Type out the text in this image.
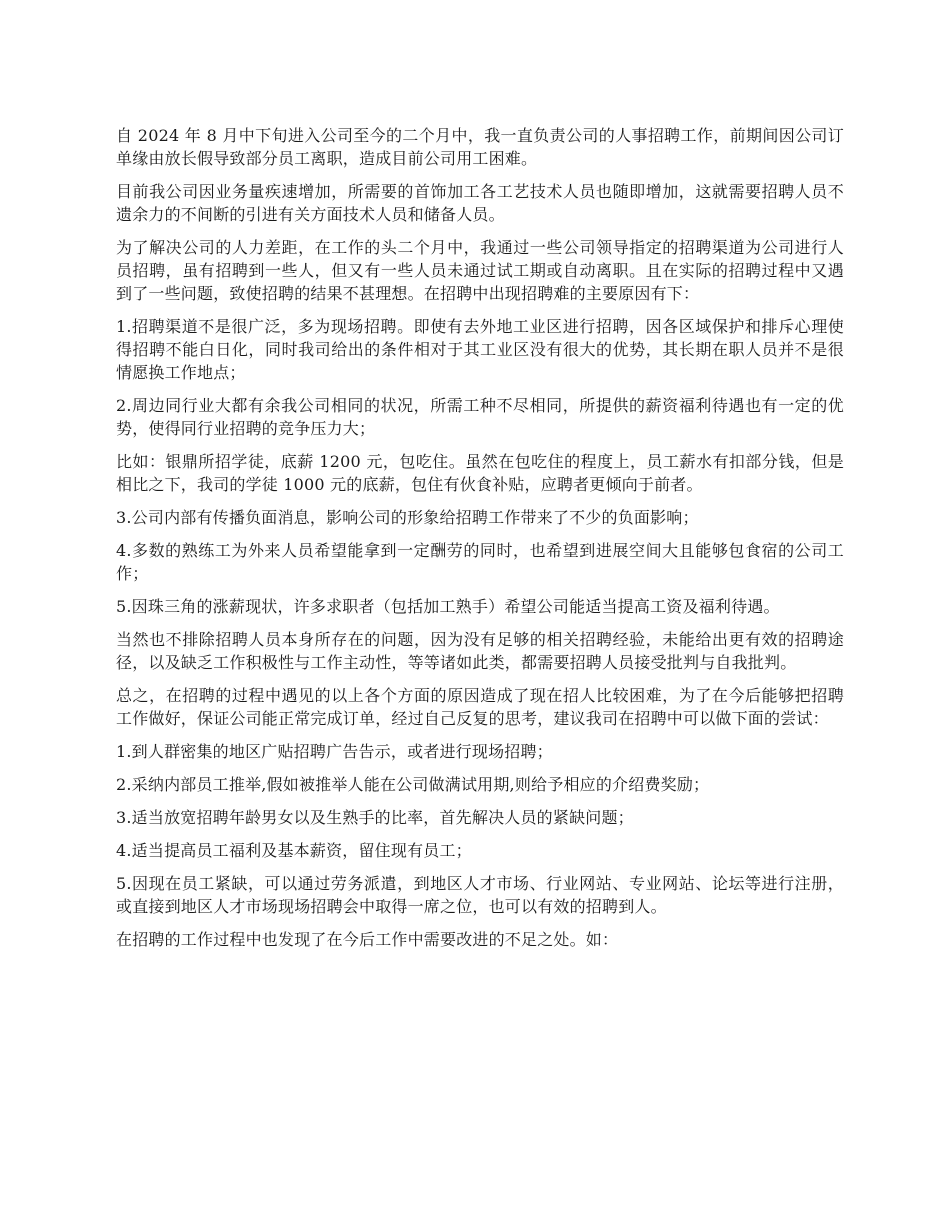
自 2024 年 8 月中下旬进入公司至今的二个月中，我一直负责公司的人事招聘工作，前期间因公司订单缘由放长假导致部分员工离职，造成目前公司用工困难。

目前我公司因业务量疾速增加，所需要的首饰加工各工艺技术人员也随即增加，这就需要招聘人员不遗余力的不间断的引进有关方面技术人员和储备人员。

为了解决公司的人力差距，在工作的头二个月中，我通过一些公司领导指定的招聘渠道为公司进行人员招聘，虽有招聘到一些人，但又有一些人员未通过试工期或自动离职。且在实际的招聘过程中又遇到了一些问题，致使招聘的结果不甚理想。在招聘中出现招聘难的主要原因有下：

1.招聘渠道不是很广泛，多为现场招聘。即使有去外地工业区进行招聘，因各区域保护和排斥心理使得招聘不能白日化，同时我司给出的条件相对于其工业区没有很大的优势，其长期在职人员并不是很情愿换工作地点；

2.周边同行业大都有余我公司相同的状况，所需工种不尽相同，所提供的薪资福利待遇也有一定的优势，使得同行业招聘的竞争压力大；

比如：银鼎所招学徒，底薪 1200 元，包吃住。虽然在包吃住的程度上，员工薪水有扣部分钱，但是相比之下，我司的学徒 1000 元的底薪，包住有伙食补贴，应聘者更倾向于前者。

3.公司内部有传播负面消息，影响公司的形象给招聘工作带来了不少的负面影响；

4.多数的熟练工为外来人员希望能拿到一定酬劳的同时，也希望到进展空间大且能够包食宿的公司工作；

5.因珠三角的涨薪现状，许多求职者（包括加工熟手）希望公司能适当提高工资及福利待遇。

当然也不排除招聘人员本身所存在的问题，因为没有足够的相关招聘经验，未能给出更有效的招聘途径，以及缺乏工作积极性与工作主动性，等等诸如此类，都需要招聘人员接受批判与自我批判。

总之，在招聘的过程中遇见的以上各个方面的原因造成了现在招人比较困难，为了在今后能够把招聘工作做好，保证公司能正常完成订单，经过自己反复的思考，建议我司在招聘中可以做下面的尝试：

1.到人群密集的地区广贴招聘广告告示，或者进行现场招聘；

2.采纳内部员工推举,假如被推举人能在公司做满试用期,则给予相应的介绍费奖励；

3.适当放宽招聘年龄男女以及生熟手的比率，首先解决人员的紧缺问题；

4.适当提高员工福利及基本薪资，留住现有员工；

5.因现在员工紧缺，可以通过劳务派遣，到地区人才市场、行业网站、专业网站、论坛等进行注册，或直接到地区人才市场现场招聘会中取得一席之位，也可以有效的招聘到人。

在招聘的工作过程中也发现了在今后工作中需要改进的不足之处。如：
